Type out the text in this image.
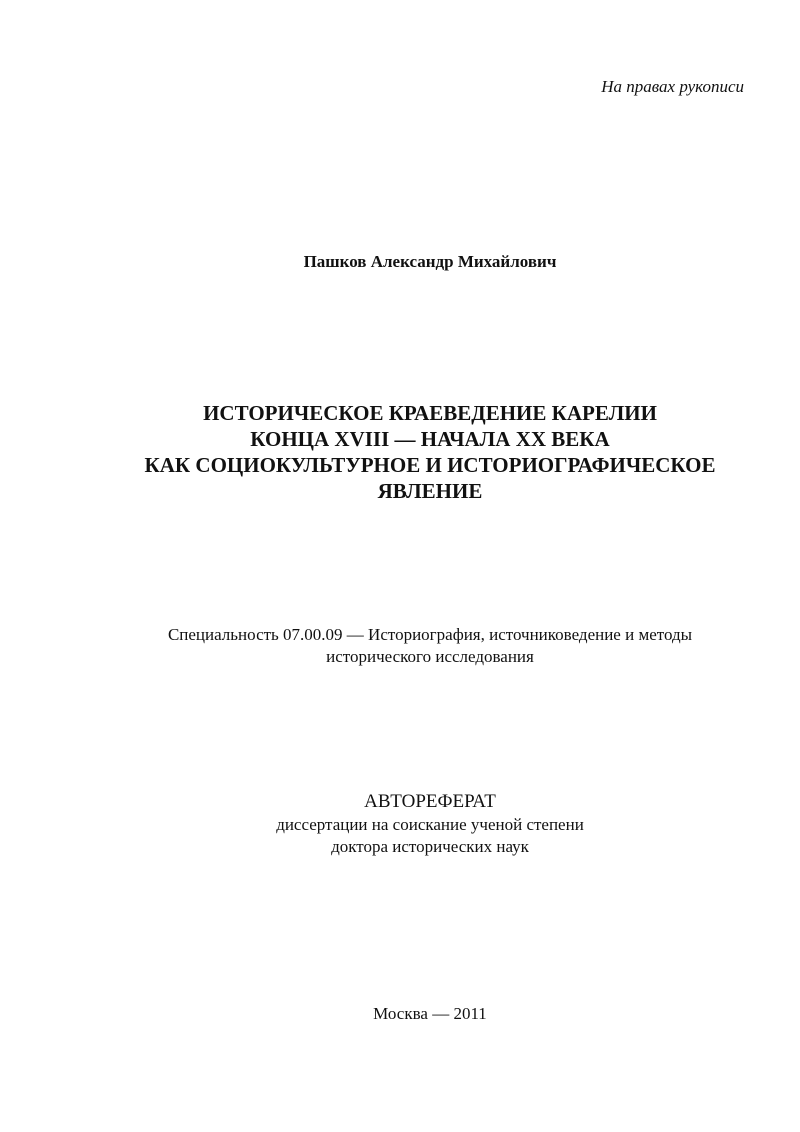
На правах рукописи
Пашков Александр Михайлович
ИСТОРИЧЕСКОЕ КРАЕВЕДЕНИЕ КАРЕЛИИ
КОНЦА XVIII — НАЧАЛА XX ВЕКА
КАК СОЦИОКУЛЬТУРНОЕ И ИСТОРИОГРАФИЧЕСКОЕ
ЯВЛЕНИЕ
Специальность 07.00.09 — Историография, источниковедение и методы
исторического исследования
АВТОРЕФЕРАТ
диссертации на соискание ученой степени
доктора исторических наук
Москва — 2011
